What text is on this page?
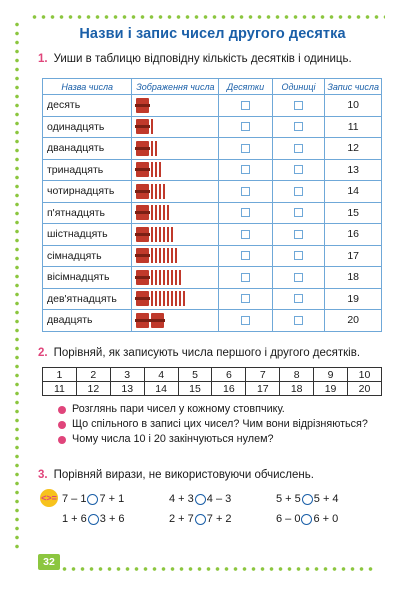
Назви і запис чисел другого десятка
1. Уиши в таблицю відповідну кількість десятків і одиниць.
Назва числа	Зображення числа	Десятки	Одиниці	Запис числа
десять				10
одинадцять				11
дванадцять				12
тринадцять				13
чотирнадцять				14
п'ятнадцять				15
шістнадцять				16
сімнадцять				17
вісімнадцять				18
дев'ятнадцять				19
двадцять				20
2. Порівняй, як записують числа першого і другого десятків.
1	2	3	4	5	6	7	8	9	10
11	12	13	14	15	16	17	18	19	20
Розглянь пари чисел у кожному стовпчику.
Що спільного в записі цих чисел? Чим вони відрізняються?
Чому числа 10 і 20 закінчуються нулем?
3. Порівняй вирази, не використовуючи обчислень.
<>= 7 – 1 7 + 1	4 + 3 4 – 3	5 + 5 5 + 4
1 + 6 3 + 6	2 + 7 7 + 2	6 – 0 6 + 0
32
